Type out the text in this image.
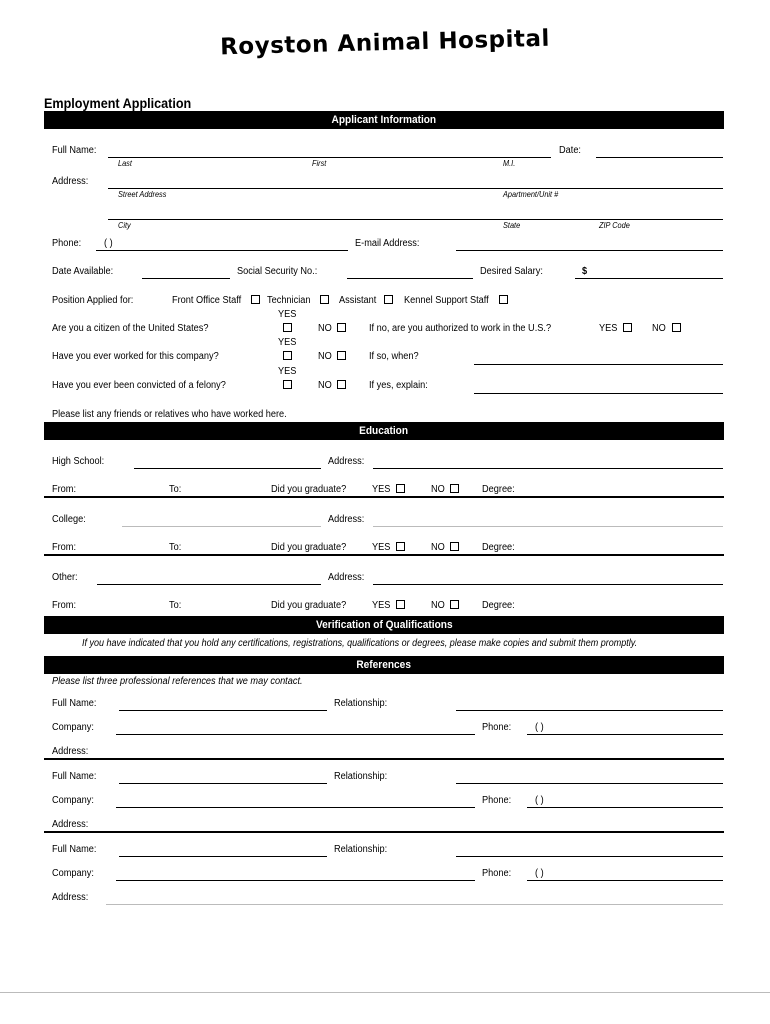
Royston Animal Hospital
Employment Application
Applicant Information
Full Name:	Date:
Last	First	M.I.
Address:
Street Address	Apartment/Unit #
City	State	ZIP Code
Phone: ( )	E-mail Address:
Date Available:	Social Security No.:	Desired Salary:	$
Position Applied for:	Front Office Staff	Technician	Assistant	Kennel Support Staff
YES
Are you a citizen of the United States?	NO	If no, are you authorized to work in the U.S.?	YES	NO
YES
Have you ever worked for this company?	NO	If so, when?
YES
Have you ever been convicted of a felony?	NO	If yes, explain:
Please list any friends or relatives who have worked here.
Education
High School:	Address:
From:	To:	Did you graduate?	YES	NO	Degree:
College:	Address:
From:	To:	Did you graduate?	YES	NO	Degree:
Other:	Address:
From:	To:	Did you graduate?	YES	NO	Degree:
Verification of Qualifications
If you have indicated that you hold any certifications, registrations, qualifications or degrees, please make copies and submit them promptly.
References
Please list three professional references that we may contact.
Full Name:	Relationship:
Company:	Phone: ( )
Address:
Full Name:	Relationship:
Company:	Phone: ( )
Address:
Full Name:	Relationship:
Company:	Phone: ( )
Address:
